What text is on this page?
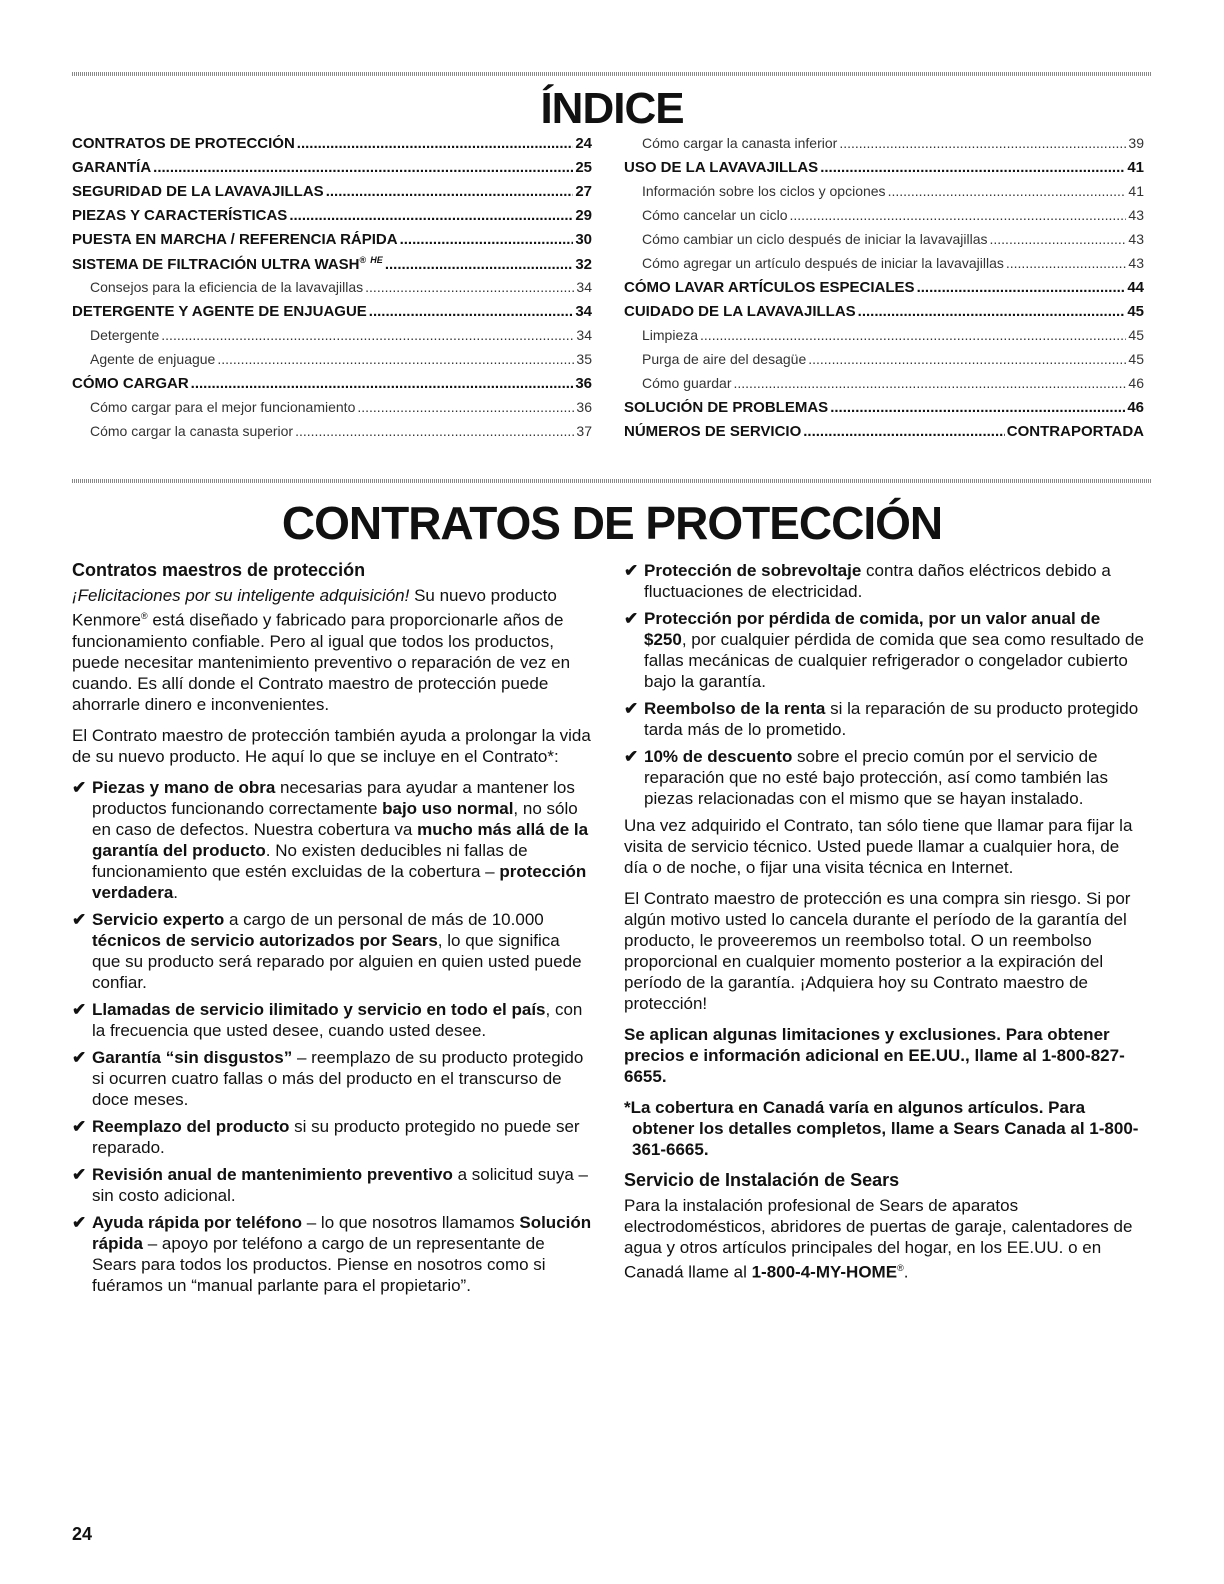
ÍNDICE
CONTRATOS DE PROTECCIÓN .....	24
GARANTÍA .....	25
SEGURIDAD DE LA LAVAVAJILLAS .....	27
PIEZAS Y CARACTERÍSTICAS .....	29
PUESTA EN MARCHA / REFERENCIA RÁPIDA .....	30
SISTEMA DE FILTRACIÓN ULTRA WASH® $^{HE}$ .....	32
Consejos para la eficiencia de la lavavajillas .....	34
DETERGENTE Y AGENTE DE ENJUAGUE .....	34
Detergente .....	34
Agente de enjuague .....	35
CÓMO CARGAR .....	36
Cómo cargar para el mejor funcionamiento .....	36
Cómo cargar la canasta superior .....	37
Cómo cargar la canasta inferior .....	39
USO DE LA LAVAVAJILLAS .....	41
Información sobre los ciclos y opciones .....	41
Cómo cancelar un ciclo .....	43
Cómo cambiar un ciclo después de iniciar la lavavajillas .....	43
Cómo agregar un artículo después de iniciar la lavavajillas .....	43
CÓMO LAVAR ARTÍCULOS ESPECIALES .....	44
CUIDADO DE LA LAVAVAJILLAS .....	45
Limpieza .....	45
Purga de aire del desagüe .....	45
Cómo guardar .....	46
SOLUCIÓN DE PROBLEMAS .....	46
NÚMEROS DE SERVICIO .....	CONTRAPORTADA
CONTRATOS DE PROTECCIÓN
Contratos maestros de protección

¡Felicitaciones por su inteligente adquisición! Su nuevo producto Kenmore® está diseñado y fabricado para proporcionarle años de funcionamiento confiable. Pero al igual que todos los productos, puede necesitar mantenimiento preventivo o reparación de vez en cuando. Es allí donde el Contrato maestro de protección puede ahorrarle dinero e inconvenientes.

El Contrato maestro de protección también ayuda a prolongar la vida de su nuevo producto. He aquí lo que se incluye en el Contrato*:

✔ Piezas y mano de obra necesarias para ayudar a mantener los productos funcionando correctamente bajo uso normal, no sólo en caso de defectos. Nuestra cobertura va mucho más allá de la garantía del producto. No existen deducibles ni fallas de funcionamiento que estén excluidas de la cobertura – protección verdadera.
✔ Servicio experto a cargo de un personal de más de 10.000 técnicos de servicio autorizados por Sears, lo que significa que su producto será reparado por alguien en quien usted puede confiar.
✔ Llamadas de servicio ilimitado y servicio en todo el país, con la frecuencia que usted desee, cuando usted desee.
✔ Garantía “sin disgustos” – reemplazo de su producto protegido si ocurren cuatro fallas o más del producto en el transcurso de doce meses.
✔ Reemplazo del producto si su producto protegido no puede ser reparado.
✔ Revisión anual de mantenimiento preventivo a solicitud suya – sin costo adicional.
✔ Ayuda rápida por teléfono – lo que nosotros llamamos Solución rápida – apoyo por teléfono a cargo de un representante de Sears para todos los productos. Piense en nosotros como si fuéramos un “manual parlante para el propietario”.
✔ Protección de sobrevoltaje contra daños eléctricos debido a fluctuaciones de electricidad.
✔ Protección por pérdida de comida, por un valor anual de $250, por cualquier pérdida de comida que sea como resultado de fallas mecánicas de cualquier refrigerador o congelador cubierto bajo la garantía.
✔ Reembolso de la renta si la reparación de su producto protegido tarda más de lo prometido.
✔ 10% de descuento sobre el precio común por el servicio de reparación que no esté bajo protección, así como también las piezas relacionadas con el mismo que se hayan instalado.

Una vez adquirido el Contrato, tan sólo tiene que llamar para fijar la visita de servicio técnico. Usted puede llamar a cualquier hora, de día o de noche, o fijar una visita técnica en Internet.

El Contrato maestro de protección es una compra sin riesgo. Si por algún motivo usted lo cancela durante el período de la garantía del producto, le proveeremos un reembolso total. O un reembolso proporcional en cualquier momento posterior a la expiración del período de la garantía. ¡Adquiera hoy su Contrato maestro de protección!

Se aplican algunas limitaciones y exclusiones. Para obtener precios e información adicional en EE.UU., llame al 1-800-827-6655.

*La cobertura en Canadá varía en algunos artículos. Para obtener los detalles completos, llame a Sears Canada al 1-800-361-6665.

Servicio de Instalación de Sears

Para la instalación profesional de Sears de aparatos electrodomésticos, abridores de puertas de garaje, calentadores de agua y otros artículos principales del hogar, en los EE.UU. o en Canadá llame al 1-800-4-MY-HOME®.

24
